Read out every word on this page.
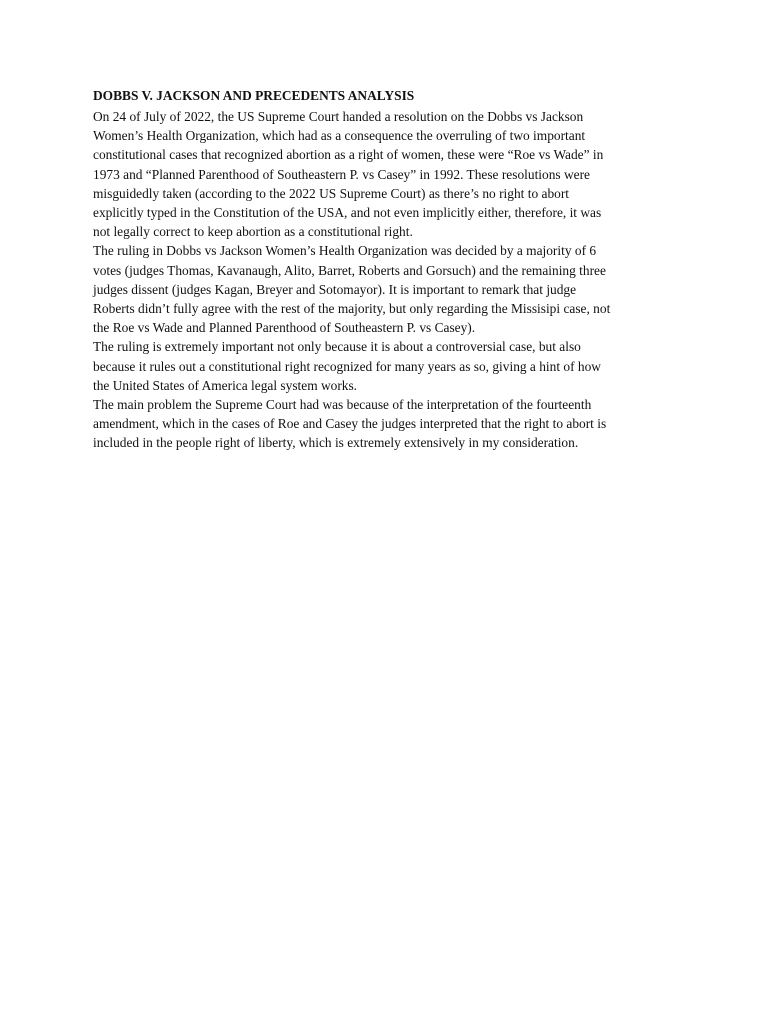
DOBBS V. JACKSON AND PRECEDENTS ANALYSIS

On 24 of July of 2022, the US Supreme Court handed a resolution on the Dobbs vs Jackson
Women’s Health Organization, which had as a consequence the overruling of two important
constitutional cases that recognized abortion as a right of women, these were “Roe vs Wade” in
1973 and “Planned Parenthood of Southeastern P. vs Casey” in 1992. These resolutions were
misguidedly taken (according to the 2022 US Supreme Court) as there’s no right to abort
explicitly typed in the Constitution of the USA, and not even implicitly either, therefore, it was
not legally correct to keep abortion as a constitutional right.

The ruling in Dobbs vs Jackson Women’s Health Organization was decided by a majority of 6
votes (judges Thomas, Kavanaugh, Alito, Barret, Roberts and Gorsuch) and the remaining three
judges dissent (judges Kagan, Breyer and Sotomayor). It is important to remark that judge
Roberts didn’t fully agree with the rest of the majority, but only regarding the Missisipi case, not
the Roe vs Wade and Planned Parenthood of Southeastern P. vs Casey).

The ruling is extremely important not only because it is about a controversial case, but also
because it rules out a constitutional right recognized for many years as so, giving a hint of how
the United States of America legal system works.

The main problem the Supreme Court had was because of the interpretation of the fourteenth
amendment, which in the cases of Roe and Casey the judges interpreted that the right to abort is
included in the people right of liberty, which is extremely extensively in my consideration.
